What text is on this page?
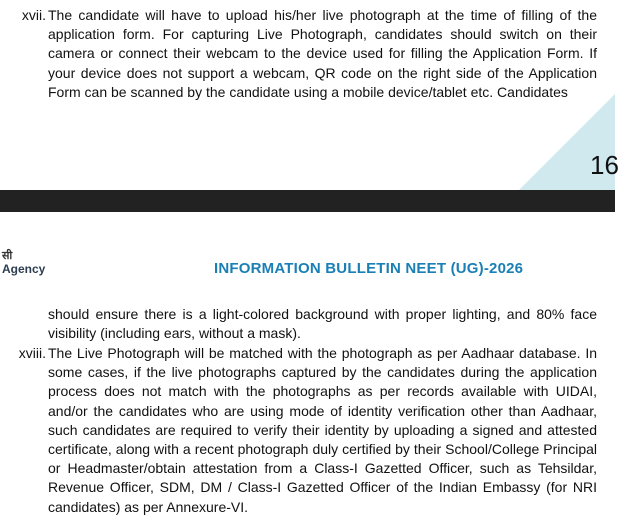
xvii. The candidate will have to upload his/her live photograph at the time of filling of the application form. For capturing Live Photograph, candidates should switch on their camera or connect their webcam to the device used for filling the Application Form. If your device does not support a webcam, QR code on the right side of the Application Form can be scanned by the candidate using a mobile device/tablet etc. Candidates
16
सी
Agency	INFORMATION BULLETIN NEET (UG)-2026
should ensure there is a light-colored background with proper lighting, and 80% face visibility (including ears, without a mask).
xviii. The Live Photograph will be matched with the photograph as per Aadhaar database. In some cases, if the live photographs captured by the candidates during the application process does not match with the photographs as per records available with UIDAI, and/or the candidates who are using mode of identity verification other than Aadhaar, such candidates are required to verify their identity by uploading a signed and attested certificate, along with a recent photograph duly certified by their School/College Principal or Headmaster/obtain attestation from a Class-I Gazetted Officer, such as Tehsildar, Revenue Officer, SDM, DM / Class-I Gazetted Officer of the Indian Embassy (for NRI candidates) as per Annexure-VI.
